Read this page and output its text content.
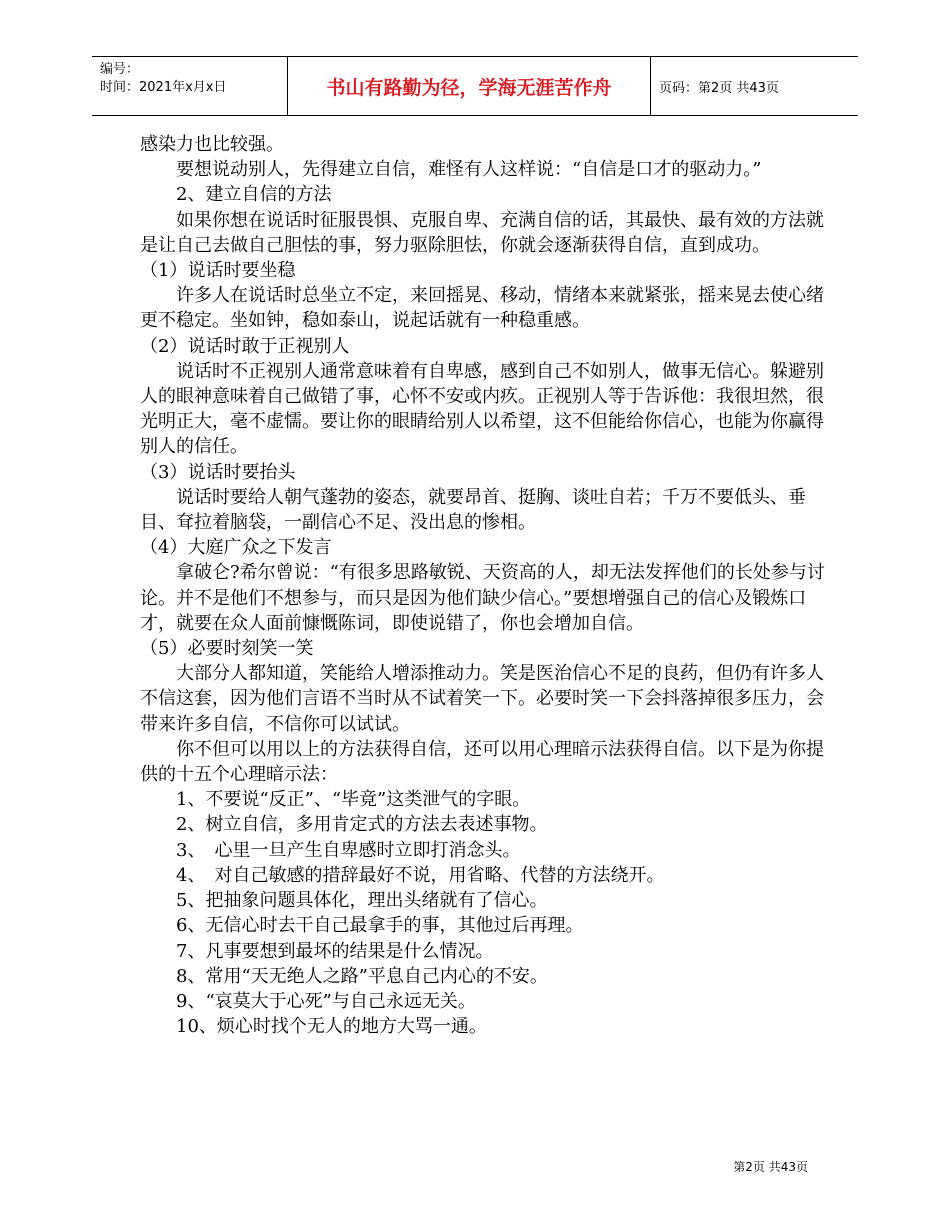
编号：
时间：2021年x月x日	书山有路勤为径，学海无涯苦作舟	页码：第2页 共43页

感染力也比较强。

要想说动别人，先得建立自信，难怪有人这样说：“自信是口才的驱动力。”

2、建立自信的方法

如果你想在说话时征服畏惧、克服自卑、充满自信的话，其最快、最有效的方法就是让自己去做自己胆怯的事，努力驱除胆怯，你就会逐渐获得自信，直到成功。

（1）说话时要坐稳

许多人在说话时总坐立不定，来回摇晃、移动，情绪本来就紧张，摇来晃去使心绪更不稳定。坐如钟，稳如泰山，说起话就有一种稳重感。

（2）说话时敢于正视别人

说话时不正视别人通常意味着有自卑感，感到自己不如别人，做事无信心。躲避别人的眼神意味着自己做错了事，心怀不安或内疚。正视别人等于告诉他：我很坦然，很光明正大，毫不虚懦。要让你的眼睛给别人以希望，这不但能给你信心，也能为你赢得别人的信任。

（3）说话时要抬头

说话时要给人朝气蓬勃的姿态，就要昂首、挺胸、谈吐自若；千万不要低头、垂目、耷拉着脑袋，一副信心不足、没出息的惨相。

（4）大庭广众之下发言

拿破仑?希尔曾说：“有很多思路敏锐、天资高的人，却无法发挥他们的长处参与讨论。并不是他们不想参与，而只是因为他们缺少信心。”要想增强自己的信心及锻炼口才，就要在众人面前慷慨陈词，即使说错了，你也会增加自信。

（5）必要时刻笑一笑

大部分人都知道，笑能给人增添推动力。笑是医治信心不足的良药，但仍有许多人不信这套，因为他们言语不当时从不试着笑一下。必要时笑一下会抖落掉很多压力，会带来许多自信，不信你可以试试。

你不但可以用以上的方法获得自信，还可以用心理暗示法获得自信。以下是为你提供的十五个心理暗示法：

1、不要说“反正”、“毕竟”这类泄气的字眼。

2、树立自信，多用肯定式的方法去表述事物。

3、　心里一旦产生自卑感时立即打消念头。

4、　对自己敏感的措辞最好不说，用省略、代替的方法绕开。

5、把抽象问题具体化，理出头绪就有了信心。

6、无信心时去干自己最拿手的事，其他过后再理。

7、凡事要想到最坏的结果是什么情况。

8、常用“天无绝人之路”平息自己内心的不安。

9、“哀莫大于心死”与自己永远无关。

10、烦心时找个无人的地方大骂一通。

第2页 共43页
